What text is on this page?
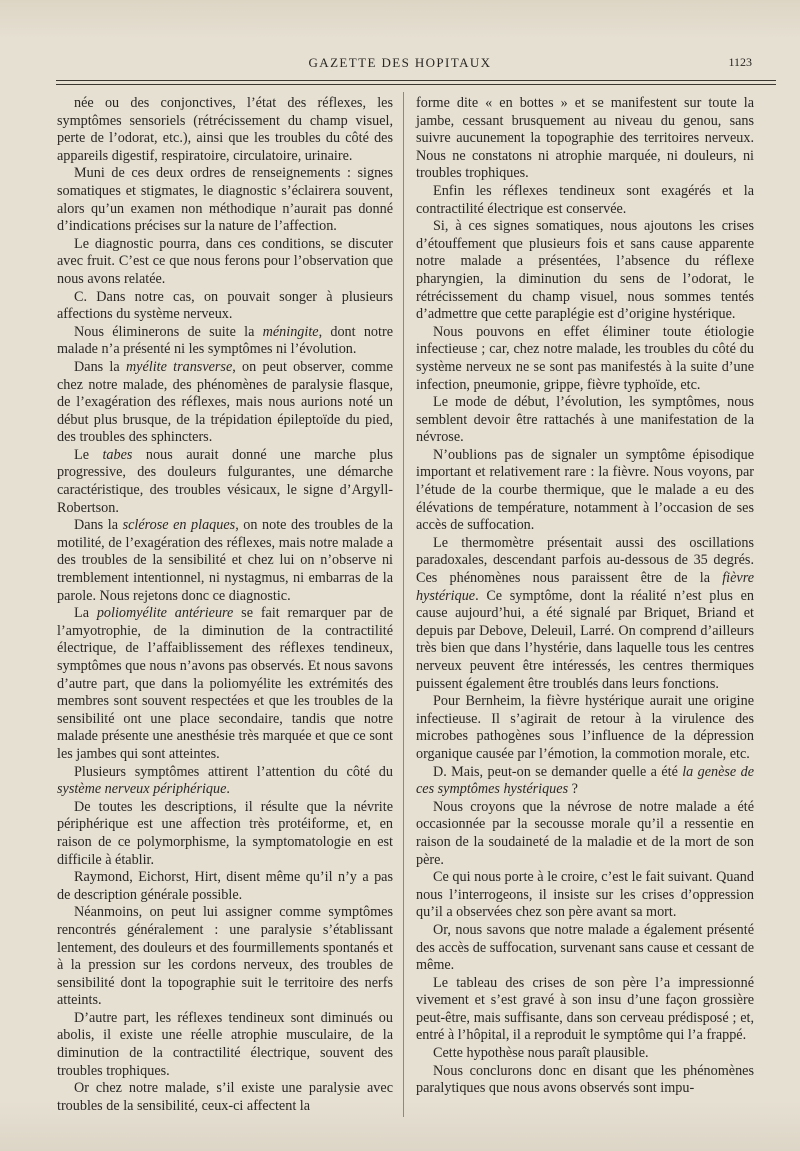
GAZETTE DES HOPITAUX	1123

née ou des conjonctives, l’état des réflexes, les symptômes sensoriels (rétrécissement du champ visuel, perte de l’odorat, etc.), ainsi que les troubles du côté des appareils digestif, respiratoire, circulatoire, urinaire.

Muni de ces deux ordres de renseignements : signes somatiques et stigmates, le diagnostic s’éclairera souvent, alors qu’un examen non méthodique n’aurait pas donné d’indications précises sur la nature de l’affection.

Le diagnostic pourra, dans ces conditions, se discuter avec fruit. C’est ce que nous ferons pour l’observation que nous avons relatée.

C. Dans notre cas, on pouvait songer à plusieurs affections du système nerveux.

Nous éliminerons de suite la méningite, dont notre malade n’a présenté ni les symptômes ni l’évolution.

Dans la myélite transverse, on peut observer, comme chez notre malade, des phénomènes de paralysie flasque, de l’exagération des réflexes, mais nous aurions noté un début plus brusque, de la trépidation épileptoïde du pied, des troubles des sphincters.

Le tabes nous aurait donné une marche plus progressive, des douleurs fulgurantes, une démarche caractéristique, des troubles vésicaux, le signe d’Argyll-Robertson.

Dans la sclérose en plaques, on note des troubles de la motilité, de l’exagération des réflexes, mais notre malade a des troubles de la sensibilité et chez lui on n’observe ni tremblement intentionnel, ni nystagmus, ni embarras de la parole. Nous rejetons donc ce diagnostic.

La poliomyélite antérieure se fait remarquer par de l’amyotrophie, de la diminution de la contractilité électrique, de l’affaiblissement des réflexes tendineux, symptômes que nous n’avons pas observés. Et nous savons d’autre part, que dans la poliomyélite les extrémités des membres sont souvent respectées et que les troubles de la sensibilité ont une place secondaire, tandis que notre malade présente une anesthésie très marquée et que ce sont les jambes qui sont atteintes.

Plusieurs symptômes attirent l’attention du côté du système nerveux périphérique.

De toutes les descriptions, il résulte que la névrite périphérique est une affection très protéiforme, et, en raison de ce polymorphisme, la symptomatologie en est difficile à établir.

Raymond, Eichorst, Hirt, disent même qu’il n’y a pas de description générale possible.

Néanmoins, on peut lui assigner comme symptômes rencontrés généralement : une paralysie s’établissant lentement, des douleurs et des fourmillements spontanés et à la pression sur les cordons nerveux, des troubles de sensibilité dont la topographie suit le territoire des nerfs atteints.

D’autre part, les réflexes tendineux sont diminués ou abolis, il existe une réelle atrophie musculaire, de la diminution de la contractilité électrique, souvent des troubles trophiques.

Or chez notre malade, s’il existe une paralysie avec troubles de la sensibilité, ceux-ci affectent la

forme dite « en bottes » et se manifestent sur toute la jambe, cessant brusquement au niveau du genou, sans suivre aucunement la topographie des territoires nerveux. Nous ne constatons ni atrophie marquée, ni douleurs, ni troubles trophiques.

Enfin les réflexes tendineux sont exagérés et la contractilité électrique est conservée.

Si, à ces signes somatiques, nous ajoutons les crises d’étouffement que plusieurs fois et sans cause apparente notre malade a présentées, l’absence du réflexe pharyngien, la diminution du sens de l’odorat, le rétrécissement du champ visuel, nous sommes tentés d’admettre que cette paraplégie est d’origine hystérique.

Nous pouvons en effet éliminer toute étiologie infectieuse ; car, chez notre malade, les troubles du côté du système nerveux ne se sont pas manifestés à la suite d’une infection, pneumonie, grippe, fièvre typhoïde, etc.

Le mode de début, l’évolution, les symptômes, nous semblent devoir être rattachés à une manifestation de la névrose.

N’oublions pas de signaler un symptôme épisodique important et relativement rare : la fièvre. Nous voyons, par l’étude de la courbe thermique, que le malade a eu des élévations de température, notamment à l’occasion de ses accès de suffocation.

Le thermomètre présentait aussi des oscillations paradoxales, descendant parfois au-dessous de 35 degrés. Ces phénomènes nous paraissent être de la fièvre hystérique. Ce symptôme, dont la réalité n’est plus en cause aujourd’hui, a été signalé par Briquet, Briand et depuis par Debove, Deleuil, Larré. On comprend d’ailleurs très bien que dans l’hystérie, dans laquelle tous les centres nerveux peuvent être intéressés, les centres thermiques puissent également être troublés dans leurs fonctions.

Pour Bernheim, la fièvre hystérique aurait une origine infectieuse. Il s’agirait de retour à la virulence des microbes pathogènes sous l’influence de la dépression organique causée par l’émotion, la commotion morale, etc.

D. Mais, peut-on se demander quelle a été la genèse de ces symptômes hystériques ?

Nous croyons que la névrose de notre malade a été occasionnée par la secousse morale qu’il a ressentie en raison de la soudaineté de la maladie et de la mort de son père.

Ce qui nous porte à le croire, c’est le fait suivant. Quand nous l’interrogeons, il insiste sur les crises d’oppression qu’il a observées chez son père avant sa mort.

Or, nous savons que notre malade a également présenté des accès de suffocation, survenant sans cause et cessant de même.

Le tableau des crises de son père l’a impressionné vivement et s’est gravé à son insu d’une façon grossière peut-être, mais suffisante, dans son cerveau prédisposé ; et, entré à l’hôpital, il a reproduit le symptôme qui l’a frappé.

Cette hypothèse nous paraît plausible.

Nous conclurons donc en disant que les phénomènes paralytiques que nous avons observés sont impu-
